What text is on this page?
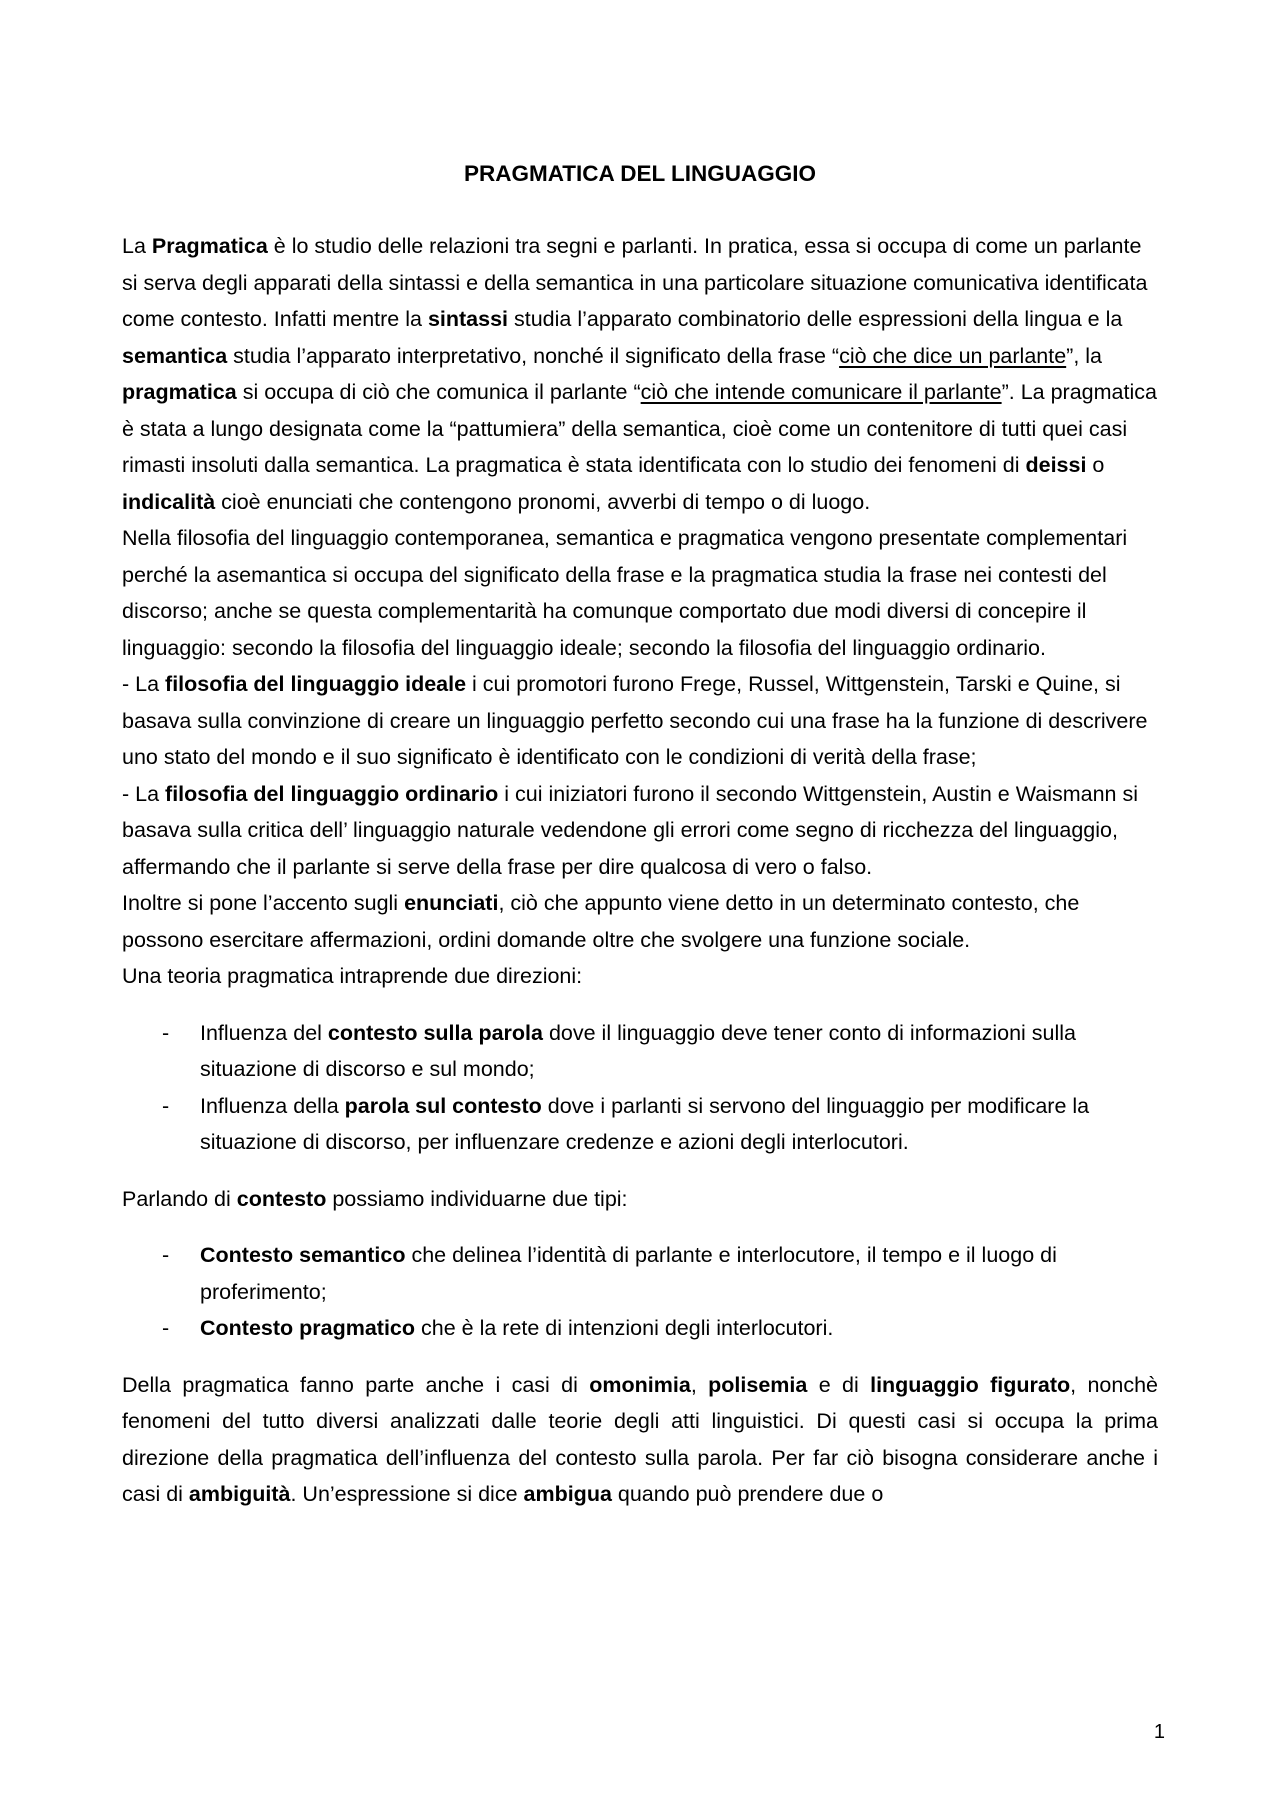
PRAGMATICA DEL LINGUAGGIO

La Pragmatica è lo studio delle relazioni tra segni e parlanti. In pratica, essa si occupa di come un parlante si serva degli apparati della sintassi e della semantica in una particolare situazione comunicativa identificata come contesto. Infatti mentre la sintassi studia l’apparato combinatorio delle espressioni della lingua e la semantica studia l’apparato interpretativo, nonché il significato della frase “ciò che dice un parlante”, la pragmatica si occupa di ciò che comunica il parlante “ciò che intende comunicare il parlante”. La pragmatica è stata a lungo designata come la “pattumiera” della semantica, cioè come un contenitore di tutti quei casi rimasti insoluti dalla semantica. La pragmatica è stata identificata con lo studio dei fenomeni di deissi o indicalità cioè enunciati che contengono pronomi, avverbi di tempo o di luogo.

Nella filosofia del linguaggio contemporanea, semantica e pragmatica vengono presentate complementari perché la asemantica si occupa del significato della frase e la pragmatica studia la frase nei contesti del discorso; anche se questa complementarità ha comunque comportato due modi diversi di concepire il linguaggio: secondo la filosofia del linguaggio ideale; secondo la filosofia del linguaggio ordinario.

- La filosofia del linguaggio ideale i cui promotori furono Frege, Russel, Wittgenstein, Tarski e Quine, si basava sulla convinzione di creare un linguaggio perfetto secondo cui una frase ha la funzione di descrivere uno stato del mondo e il suo significato è identificato con le condizioni di verità della frase;

- La filosofia del linguaggio ordinario i cui iniziatori furono il secondo Wittgenstein, Austin e Waismann si basava sulla critica dell’ linguaggio naturale vedendone gli errori come segno di ricchezza del linguaggio, affermando che il parlante si serve della frase per dire qualcosa di vero o falso.

Inoltre si pone l’accento sugli enunciati, ciò che appunto viene detto in un determinato contesto, che possono esercitare affermazioni, ordini domande oltre che svolgere una funzione sociale.

Una teoria pragmatica intraprende due direzioni:

- Influenza del contesto sulla parola dove il linguaggio deve tener conto di informazioni sulla situazione di discorso e sul mondo;
- Influenza della parola sul contesto dove i parlanti si servono del linguaggio per modificare la situazione di discorso, per influenzare credenze e azioni degli interlocutori.

Parlando di contesto possiamo individuarne due tipi:

- Contesto semantico che delinea l’identità di parlante e interlocutore, il tempo e il luogo di proferimento;
- Contesto pragmatico che è la rete di intenzioni degli interlocutori.

Della pragmatica fanno parte anche i casi di omonimia, polisemia e di linguaggio figurato, nonchè fenomeni del tutto diversi analizzati dalle teorie degli atti linguistici. Di questi casi si occupa la prima direzione della pragmatica dell’influenza del contesto sulla parola. Per far ciò bisogna considerare anche i casi di ambiguità. Un’espressione si dice ambigua quando può prendere due o

1
